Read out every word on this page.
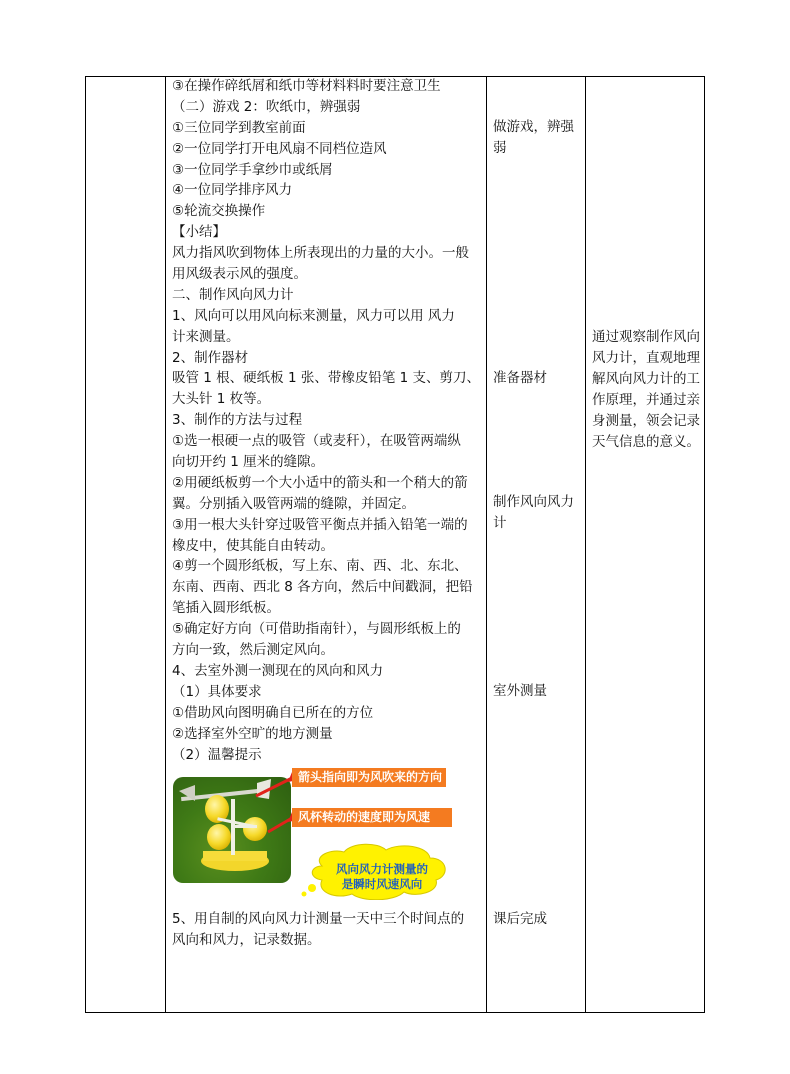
③在操作碎纸屑和纸巾等材料料时要注意卫生
（二）游戏 2：吹纸巾，辨强弱
①三位同学到教室前面
②一位同学打开电风扇不同档位造风
③一位同学手拿纱巾或纸屑
④一位同学排序风力
⑤轮流交换操作
【小结】
风力指风吹到物体上所表现出的力量的大小。一般
用风级表示风的强度。
二、制作风向风力计
1、风向可以用风向标来测量，风力可以用 风力
计来测量。
2、制作器材
吸管 1 根、硬纸板 1 张、带橡皮铅笔 1 支、剪刀、
大头针 1 枚等。
3、制作的方法与过程
①选一根硬一点的吸管（或麦秆），在吸管两端纵
向切开约 1 厘米的缝隙。
②用硬纸板剪一个大小适中的箭头和一个稍大的箭
翼。分别插入吸管两端的缝隙，并固定。
③用一根大头针穿过吸管平衡点并插入铅笔一端的
橡皮中，使其能自由转动。
④剪一个圆形纸板，写上东、南、西、北、东北、
东南、西南、西北 8 各方向，然后中间戳洞，把铅
笔插入圆形纸板。
⑤确定好方向（可借助指南针），与圆形纸板上的
方向一致，然后测定风向。
4、去室外测一测现在的风向和风力
（1）具体要求
①借助风向图明确自已所在的方位
②选择室外空旷的地方测量
（2）温馨提示
箭头指向即为风吹来的方向
风杯转动的速度即为风速
风向风力计测量的
是瞬时风速风向
5、用自制的风向风力计测量一天中三个时间点的
风向和风力，记录数据。
做游戏，辨强弱
准备器材
制作风向风力计
室外测量
课后完成
通过观察制作风向风力计，直观地理解风向风力计的工作原理，并通过亲身测量，领会记录天气信息的意义。
